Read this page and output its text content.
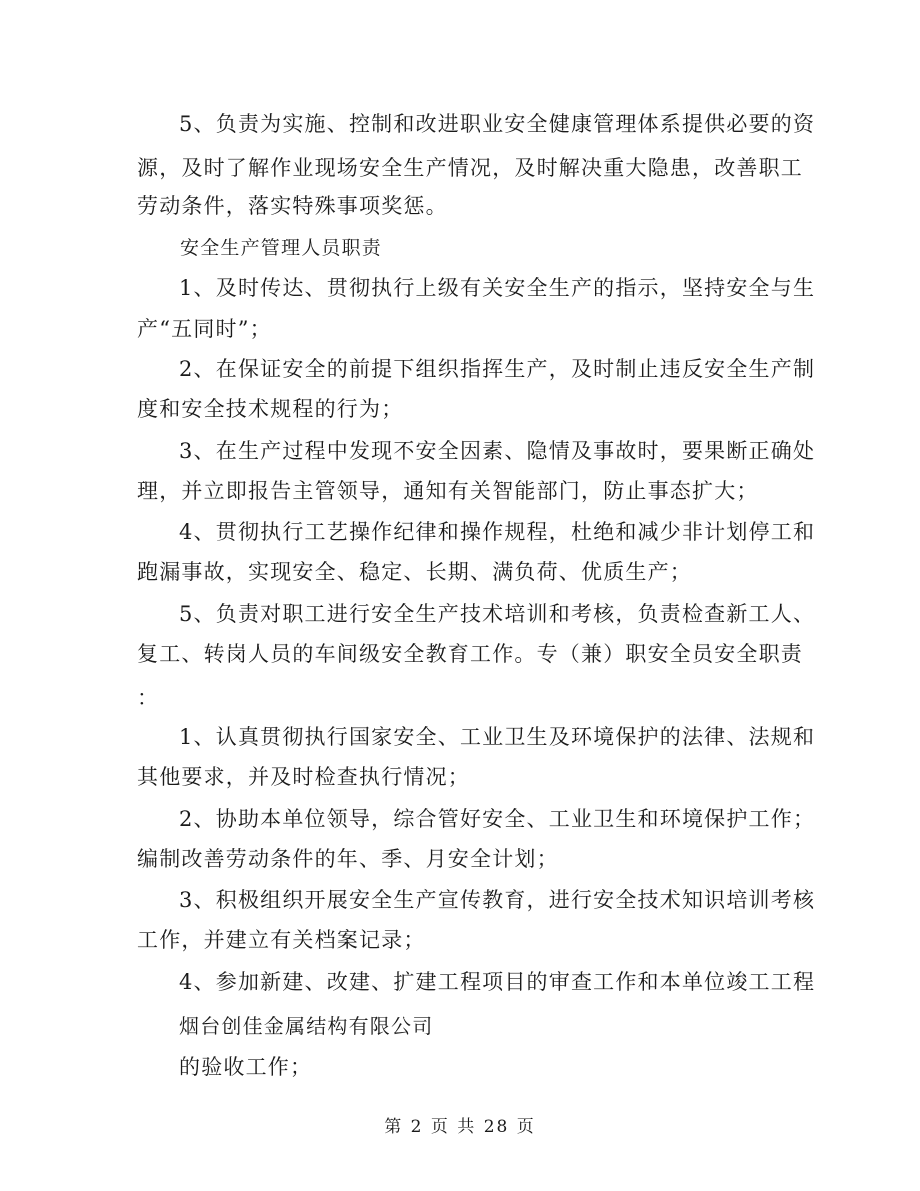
5、负责为实施、控制和改进职业安全健康管理体系提供必要的资
源，及时了解作业现场安全生产情况，及时解决重大隐患，改善职工
劳动条件，落实特殊事项奖惩。
安全生产管理人员职责
1、及时传达、贯彻执行上级有关安全生产的指示，坚持安全与生
产“五同时”；
2、在保证安全的前提下组织指挥生产，及时制止违反安全生产制
度和安全技术规程的行为；
3、在生产过程中发现不安全因素、隐情及事故时，要果断正确处
理，并立即报告主管领导，通知有关智能部门，防止事态扩大；
4、贯彻执行工艺操作纪律和操作规程，杜绝和减少非计划停工和
跑漏事故，实现安全、稳定、长期、满负荷、优质生产；
5、负责对职工进行安全生产技术培训和考核，负责检查新工人、
复工、转岗人员的车间级安全教育工作。专（兼）职安全员安全职责
：
1、认真贯彻执行国家安全、工业卫生及环境保护的法律、法规和
其他要求，并及时检查执行情况；
2、协助本单位领导，综合管好安全、工业卫生和环境保护工作；
编制改善劳动条件的年、季、月安全计划；
3、积极组织开展安全生产宣传教育，进行安全技术知识培训考核
工作，并建立有关档案记录；
4、参加新建、改建、扩建工程项目的审查工作和本单位竣工工程
烟台创佳金属结构有限公司
的验收工作；
第 2 页 共 28 页
